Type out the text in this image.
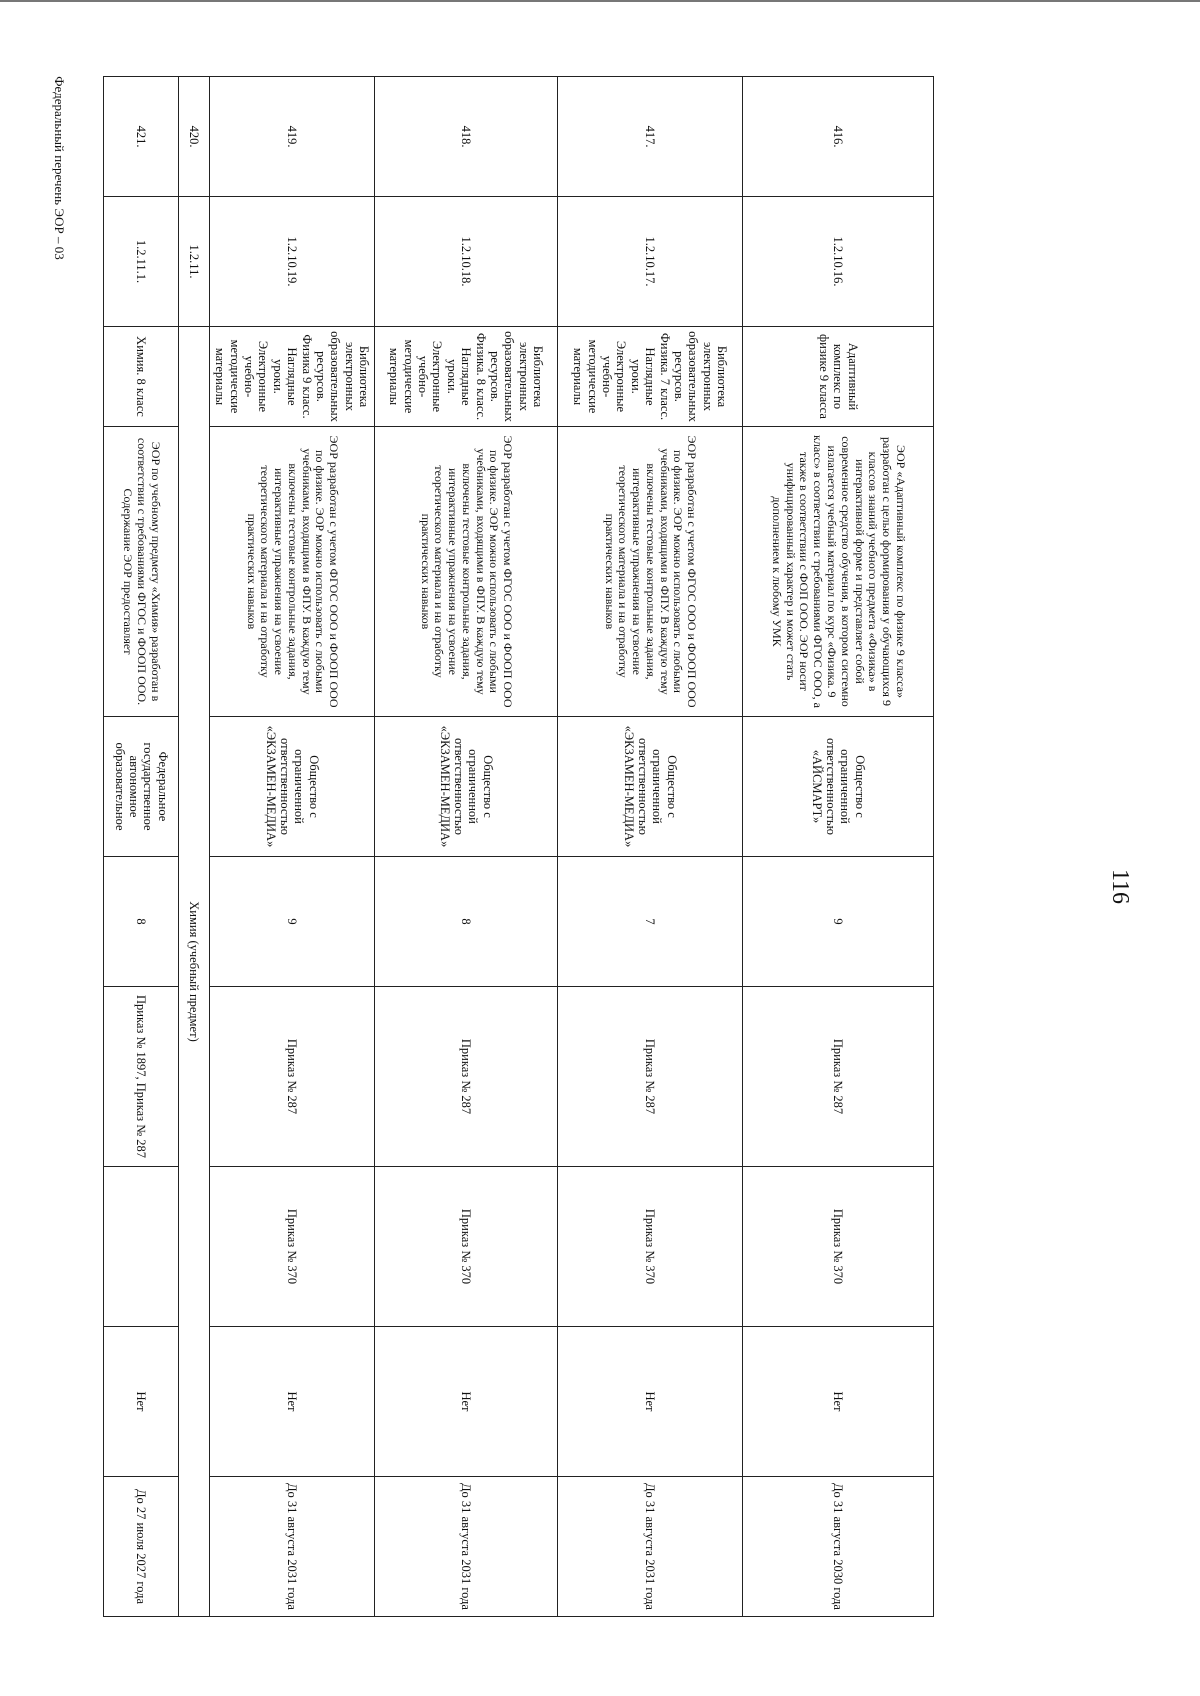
116
Федеральный перечень ЭОР – 03	416.	1.2.10.16.	Адаптивный комплекс по физике 9 класса	ЭОР «Адаптивный комплекс по физике 9 класса» разработан с целью формирования у обучающихся 9 классов знаний учебного предмета «Физика» в интерактивной форме и представляет собой современное средство обучения, в котором системно излагается учебный материал по курс «Физика. 9 класс» в соответствии с требованиями ФГОС ООО, а также в соответствии с ФОП ООО. ЭОР носит унифицированный характер и может стать дополнением к любому УМК	Общество с ограниченной ответственностью «АЙСМАРТ»	9	Приказ № 287	Приказ № 370	Нет	До 31 августа 2030 года
417.	1.2.10.17.	Библиотека электронных образовательных ресурсов. Физика. 7 класс. Наглядные уроки. Электронные учебно-методические материалы	ЭОР разработан с учетом ФГОС ООО и ФООП ООО по физике. ЭОР можно использовать с любыми учебниками, входящими в ФПУ. В каждую тему включены тестовые контрольные задания, интерактивные упражнения на усвоение теоретического материала и на отработку практических навыков	Общество с ограниченной ответственностью «ЭКЗАМЕН-МЕДИА»	7	Приказ № 287	Приказ № 370	Нет	До 31 августа 2031 года
418.	1.2.10.18.	Библиотека электронных образовательных ресурсов. Физика. 8 класс. Наглядные уроки. Электронные учебно-методические материалы	ЭОР разработан с учетом ФГОС ООО и ФООП ООО по физике. ЭОР можно использовать с любыми учебниками, входящими в ФПУ. В каждую тему включены тестовые контрольные задания, интерактивные упражнения на усвоение теоретического материала и на отработку практических навыков	Общество с ограниченной ответственностью «ЭКЗАМЕН-МЕДИА»	8	Приказ № 287	Приказ № 370	Нет	До 31 августа 2031 года
419.	1.2.10.19.	Библиотека электронных образовательных ресурсов. Физика 9 класс. Наглядные уроки. Электронные учебно-методические материалы	ЭОР разработан с учетом ФГОС ООО и ФООП ООО по физике. ЭОР можно использовать с любыми учебниками, входящими в ФПУ. В каждую тему включены тестовые контрольные задания, интерактивные упражнения на усвоение теоретического материала и на отработку практических навыков	Общество с ограниченной ответственностью «ЭКЗАМЕН-МЕДИА»	9	Приказ № 287	Приказ № 370	Нет	До 31 августа 2031 года
420.	1.2.11.	Химия (учебный предмет)							
421.	1.2.11.1.	Химия. 8 класс	ЭОР по учебному предмету «Химия» разработан в соответствии с требованиями ФГОС и ФООП ООО. Содержание ЭОР предоставляет	Федеральное государственное автономное образовательное	8	Приказ № 1897, Приказ № 287		Нет	До 27 июля 2027 года
